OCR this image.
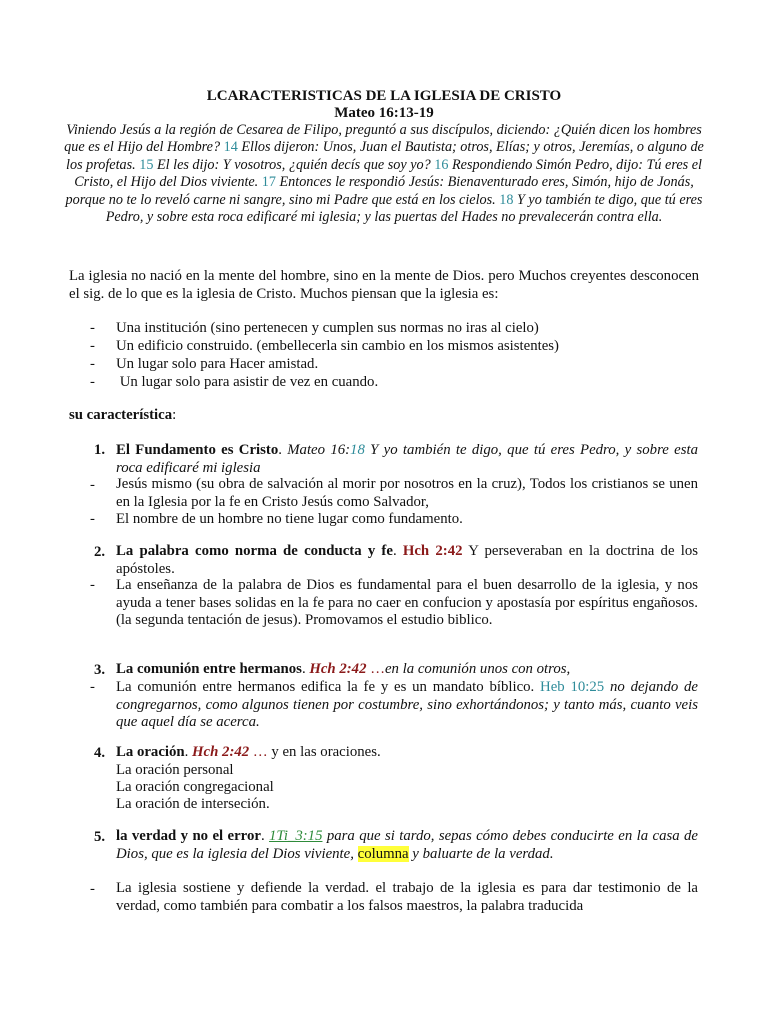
LCARACTERISTICAS DE LA IGLESIA DE CRISTO
Mateo 16:13-19
Viniendo Jesús a la región de Cesarea de Filipo, preguntó a sus discípulos, diciendo: ¿Quién dicen los hombres que es el Hijo del Hombre? 14 Ellos dijeron: Unos, Juan el Bautista; otros, Elías; y otros, Jeremías, o alguno de los profetas. 15 El les dijo: Y vosotros, ¿quién decís que soy yo? 16 Respondiendo Simón Pedro, dijo: Tú eres el Cristo, el Hijo del Dios viviente. 17 Entonces le respondió Jesús: Bienaventurado eres, Simón, hijo de Jonás, porque no te lo reveló carne ni sangre, sino mi Padre que está en los cielos. 18 Y yo también te digo, que tú eres Pedro, y sobre esta roca edificaré mi iglesia; y las puertas del Hades no prevalecerán contra ella.
La iglesia no nació en la mente del hombre, sino en la mente de Dios. pero Muchos creyentes desconocen el sig. de lo que es la iglesia de Cristo. Muchos piensan que la iglesia es:
- Una institución (sino pertenecen y cumplen sus normas no iras al cielo)
- Un edificio construido. (embellecerla sin cambio en los mismos asistentes)
- Un lugar solo para Hacer amistad.
- Un lugar solo para asistir de vez en cuando.
su característica:
1. El Fundamento es Cristo. Mateo 16:18 Y yo también te digo, que tú eres Pedro, y sobre esta roca edificaré mi iglesia
- Jesús mismo (su obra de salvación al morir por nosotros en la cruz), Todos los cristianos se unen en la Iglesia por la fe en Cristo Jesús como Salvador,
- El nombre de un hombre no tiene lugar como fundamento.
2. La palabra como norma de conducta y fe. Hch 2:42 Y perseveraban en la doctrina de los apóstoles.
- La enseñanza de la palabra de Dios es fundamental para el buen desarrollo de la iglesia, y nos ayuda a tener bases solidas en la fe para no caer en confucion y apostasía por espíritus engañosos. (la segunda tentación de jesus). Promovamos el estudio biblico.
3. La comunión entre hermanos. Hch 2:42 …en la comunión unos con otros,
- La comunión entre hermanos edifica la fe y es un mandato bíblico. Heb 10:25 no dejando de congregarnos, como algunos tienen por costumbre, sino exhortándonos; y tanto más, cuanto veis que aquel día se acerca.
4. La oración. Hch 2:42 … y en las oraciones.
La oración personal
La oración congregacional
La oración de interseción.
5. la verdad y no el error. 1Ti_3:15 para que si tardo, sepas cómo debes conducirte en la casa de Dios, que es la iglesia del Dios viviente, columna y baluarte de la verdad.
- La iglesia sostiene y defiende la verdad. el trabajo de la iglesia es para dar testimonio de la verdad, como también para combatir a los falsos maestros, la palabra traducida
